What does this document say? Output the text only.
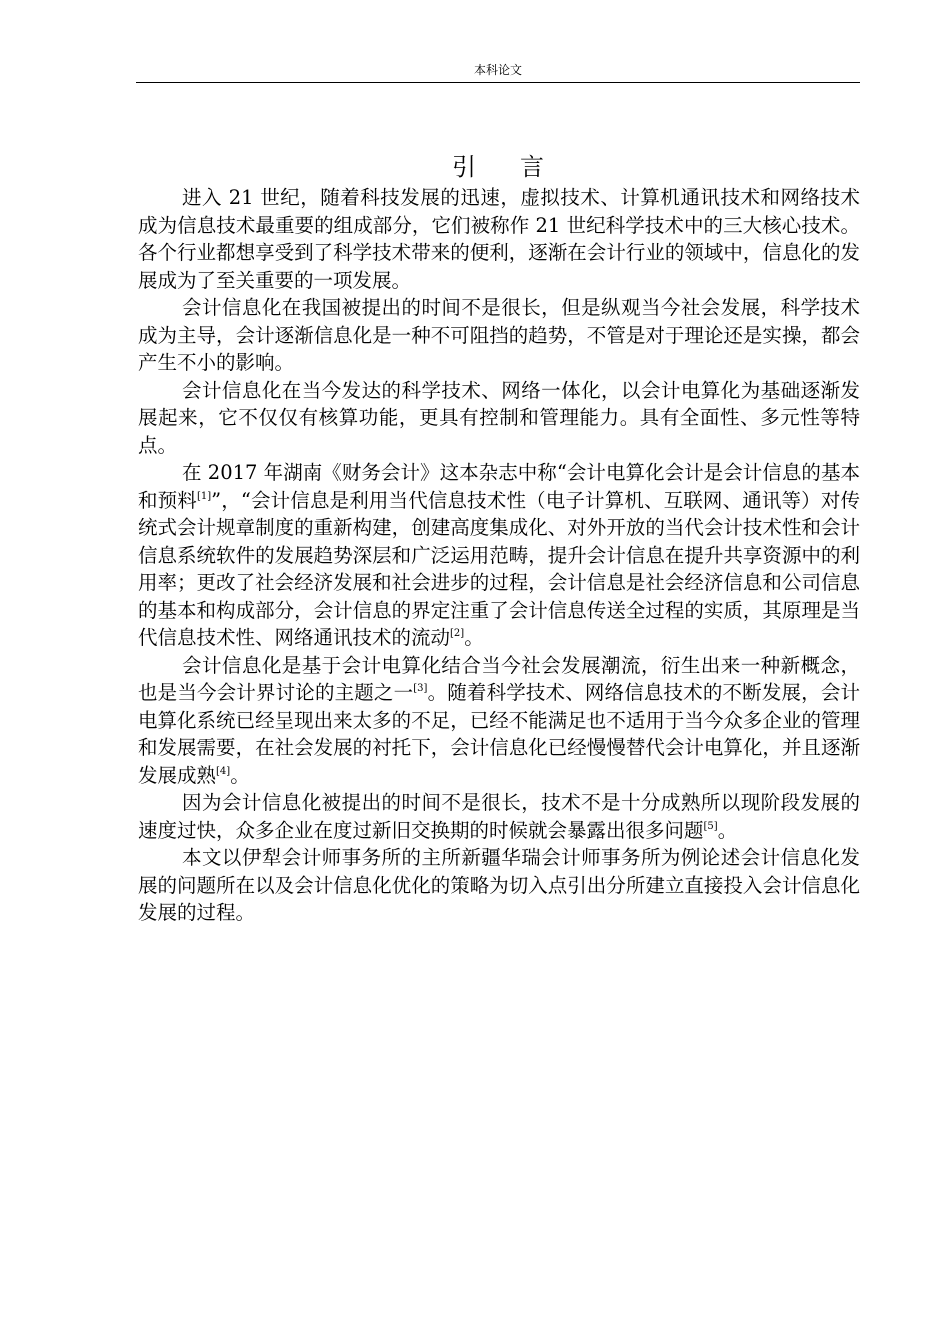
本科论文
引 言

进入 21 世纪，随着科技发展的迅速，虚拟技术、计算机通讯技术和网络技术成为信息技术最重要的组成部分，它们被称作 21 世纪科学技术中的三大核心技术。各个行业都想享受到了科学技术带来的便利，逐渐在会计行业的领域中，信息化的发展成为了至关重要的一项发展。

会计信息化在我国被提出的时间不是很长，但是纵观当今社会发展，科学技术成为主导，会计逐渐信息化是一种不可阻挡的趋势，不管是对于理论还是实操，都会产生不小的影响。

会计信息化在当今发达的科学技术、网络一体化，以会计电算化为基础逐渐发展起来，它不仅仅有核算功能，更具有控制和管理能力。具有全面性、多元性等特点。

在 2017 年湖南《财务会计》这本杂志中称“会计电算化会计是会计信息的基本和预料[1]”，“会计信息是利用当代信息技术性（电子计算机、互联网、通讯等）对传统式会计规章制度的重新构建，创建高度集成化、对外开放的当代会计技术性和会计信息系统软件的发展趋势深层和广泛运用范畴，提升会计信息在提升共享资源中的利用率；更改了社会经济发展和社会进步的过程，会计信息是社会经济信息和公司信息的基本和构成部分，会计信息的界定注重了会计信息传送全过程的实质，其原理是当代信息技术性、网络通讯技术的流动[2]。

会计信息化是基于会计电算化结合当今社会发展潮流，衍生出来一种新概念，也是当今会计界讨论的主题之一[3]。随着科学技术、网络信息技术的不断发展，会计电算化系统已经呈现出来太多的不足，已经不能满足也不适用于当今众多企业的管理和发展需要，在社会发展的衬托下，会计信息化已经慢慢替代会计电算化，并且逐渐发展成熟[4]。

因为会计信息化被提出的时间不是很长，技术不是十分成熟所以现阶段发展的速度过快，众多企业在度过新旧交换期的时候就会暴露出很多问题[5]。

本文以伊犁会计师事务所的主所新疆华瑞会计师事务所为例论述会计信息化发展的问题所在以及会计信息化优化的策略为切入点引出分所建立直接投入会计信息化发展的过程。
